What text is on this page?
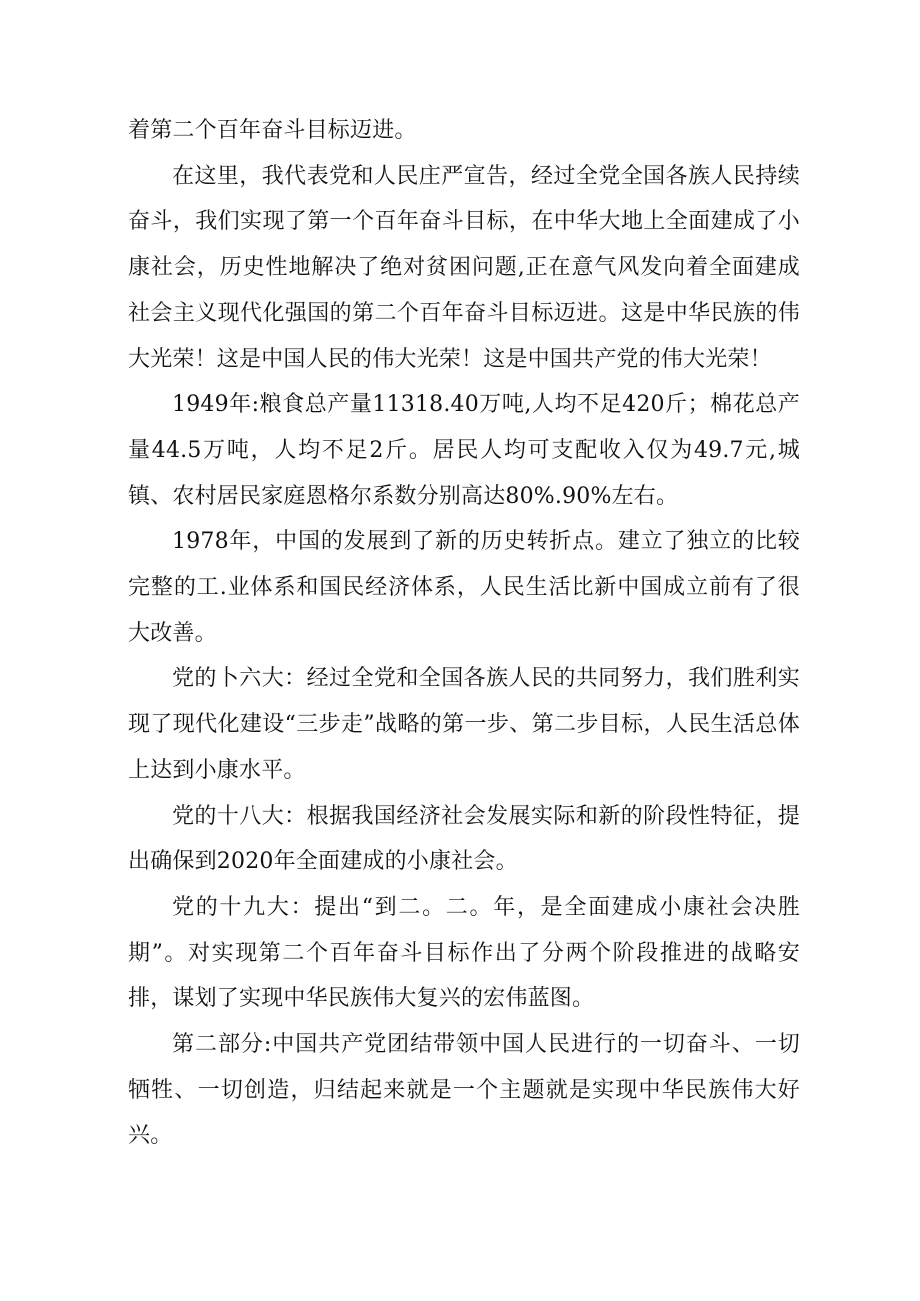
着第二个百年奋斗目标迈进。

在这里，我代表党和人民庄严宣告，经过全党全国各族人民持续奋斗，我们实现了第一个百年奋斗目标，在中华大地上全面建成了小康社会，历史性地解决了绝对贫困问题,正在意气风发向着全面建成社会主义现代化强国的第二个百年奋斗目标迈进。这是中华民族的伟大光荣！这是中国人民的伟大光荣！这是中国共产党的伟大光荣！

1949年:粮食总产量11318.40万吨,人均不足420斤；棉花总产量44.5万吨，人均不足2斤。居民人均可支配收入仅为49.7元,城镇、农村居民家庭恩格尔系数分别高达80%.90%左右。

1978年，中国的发展到了新的历史转折点。建立了独立的比较完整的工.业体系和国民经济体系，人民生活比新中国成立前有了很大改善。

党的卜六大：经过全党和全国各族人民的共同努力，我们胜利实现了现代化建设“三步走”战略的第一步、第二步目标，人民生活总体上达到小康水平。

党的十八大：根据我国经济社会发展实际和新的阶段性特征，提出确保到2020年全面建成的小康社会。

党的十九大：提出“到二。二。年，是全面建成小康社会决胜期”。对实现第二个百年奋斗目标作出了分两个阶段推进的战略安排，谋划了实现中华民族伟大复兴的宏伟蓝图。

第二部分:中国共产党团结带领中国人民进行的一切奋斗、一切牺牲、一切创造，归结起来就是一个主题就是实现中华民族伟大好兴。
